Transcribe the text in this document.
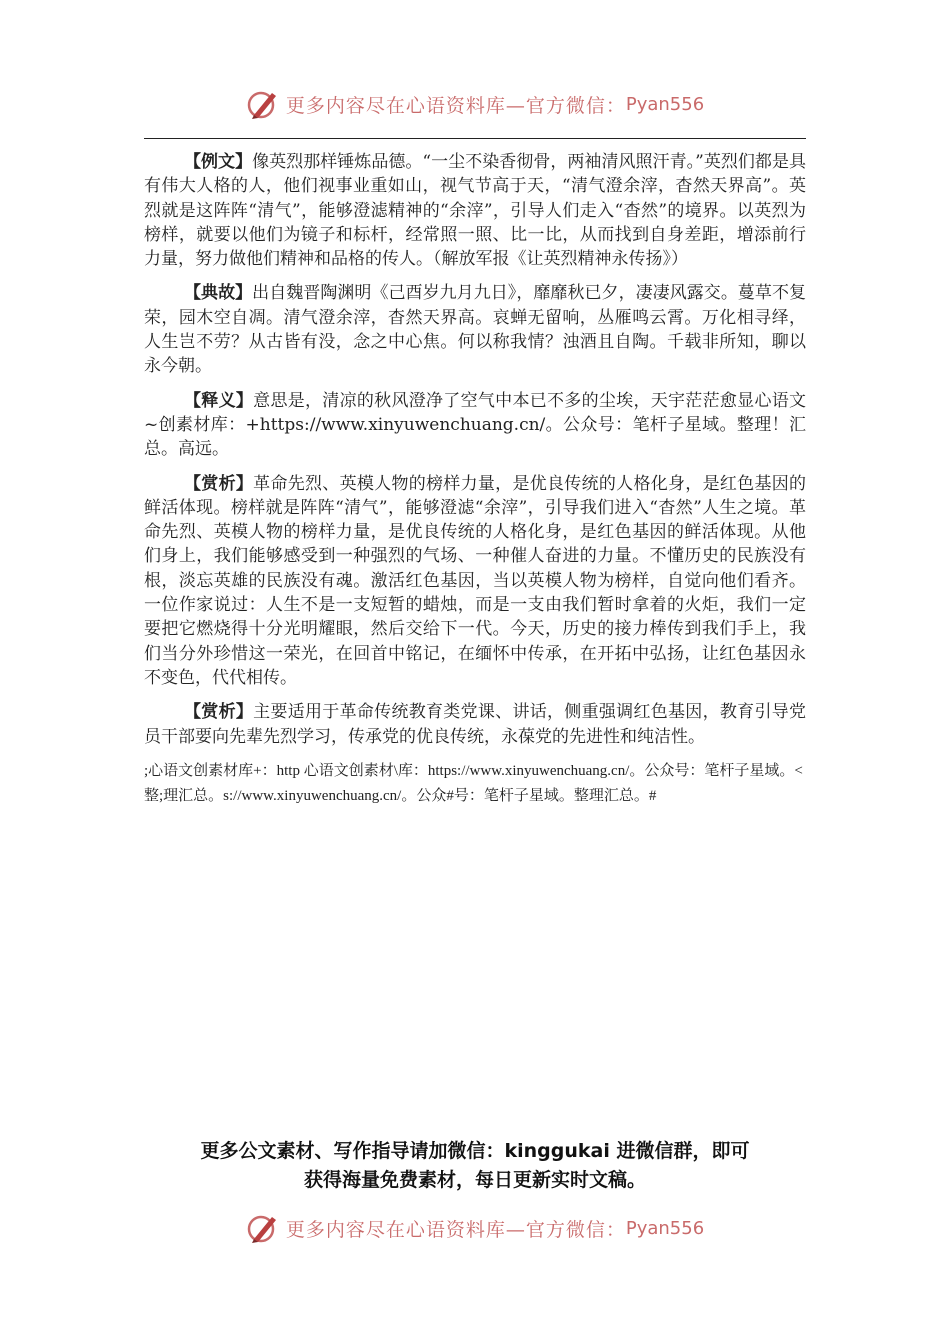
更多内容尽在心语资料库—官方微信： Pyan556

【例文】像英烈那样锤炼品德。“一尘不染香彻骨，两袖清风照汗青。”英烈们都是具有伟大人格的人，他们视事业重如山，视气节高于天，“清气澄余滓，杳然天界高”。英烈就是这阵阵“清气”，能够澄滤精神的“余滓”，引导人们走入“杳然”的境界。以英烈为榜样，就要以他们为镜子和标杆，经常照一照、比一比，从而找到自身差距，增添前行力量，努力做他们精神和品格的传人。（解放军报《让英烈精神永传扬》）

【典故】出自魏晋陶渊明《己酉岁九月九日》，靡靡秋已夕，凄凄风露交。蔓草不复荣，园木空自凋。清气澄余滓，杳然天界高。哀蝉无留响，丛雁鸣云霄。万化相寻绎，人生岂不劳？从古皆有没，念之中心焦。何以称我情？浊酒且自陶。千载非所知，聊以永今朝。

【释义】意思是，清凉的秋风澄净了空气中本已不多的尘埃，天宇茫茫愈显心语文~创素材库：+https://www.xinyuwenchuang.cn/。公众号：笔杆子星域。整理！汇总。高远。

【赏析】革命先烈、英模人物的榜样力量，是优良传统的人格化身，是红色基因的鲜活体现。榜样就是阵阵“清气”，能够澄滤“余滓”，引导我们进入“杳然”人生之境。革命先烈、英模人物的榜样力量，是优良传统的人格化身，是红色基因的鲜活体现。从他们身上，我们能够感受到一种强烈的气场、一种催人奋进的力量。不懂历史的民族没有根，淡忘英雄的民族没有魂。激活红色基因，当以英模人物为榜样，自觉向他们看齐。一位作家说过：人生不是一支短暂的蜡烛，而是一支由我们暂时拿着的火炬，我们一定要把它燃烧得十分光明耀眼，然后交给下一代。今天，历史的接力棒传到我们手上，我们当分外珍惜这一荣光，在回首中铭记，在缅怀中传承，在开拓中弘扬，让红色基因永不变色，代代相传。

【赏析】主要适用于革命传统教育类党课、讲话，侧重强调红色基因，教育引导党员干部要向先辈先烈学习，传承党的优良传统，永葆党的先进性和纯洁性。

;心语文创素材库+：http 心语文创素材\库：https://www.xinyuwenchuang.cn/。公众号：笔杆子星域。<整;理汇总。s://www.xinyuwenchuang.cn/。公众#号：笔杆子星域。整理汇总。#

更多公文素材、写作指导请加微信：kinggukai 进微信群，即可
获得海量免费素材，每日更新实时文稿。
更多内容尽在心语资料库—官方微信： Pyan556
